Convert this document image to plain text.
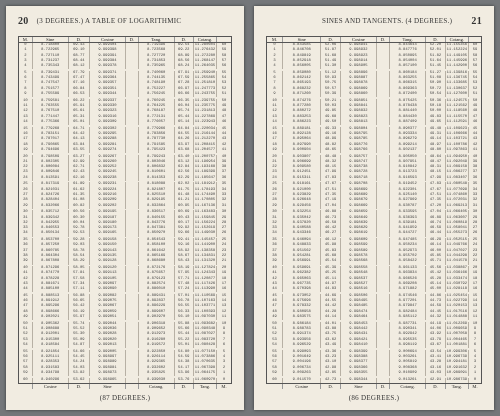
20 (3 DEGREES.) A TABLE OF LOGARITHMIC
M.	Sine	D.	Cosine	D.	Tang.	D.	Cotang.
0	8.718800	69.43	9.999404	8.719396	69.54	11.280604	60
1	8.722965	69.10	9.999398	8.723568	69.22	11.276432	59
2	8.727110	68.77	9.999391	8.727720	68.89	11.272280	58
3	8.731237	68.44	9.999384	8.731853	68.56	11.268147	57
4	8.735343	68.12	9.999378	8.735965	68.24	11.264035	56
5	8.739431	67.79	9.999371	8.740060	67.91	11.259940	55
6	8.743499	67.47	9.999364	8.744135	67.59	11.255865	54
7	8.747547	67.16	9.999357	8.748190	67.28	11.251810	53
8	8.751577	66.84	9.999351	8.752227	66.97	11.247773	52
9	8.755589	66.53	9.999344	8.756245	66.66	11.243755	51
10	8.759581	66.22	9.999337	8.760245	66.35	11.239755	50
11	8.763555	65.91	9.999330	8.764225	66.04	11.235775	49
12	8.767510	65.61	9.999323	8.768187	65.74	11.231813	48
13	8.771447	65.31	9.999316	8.772131	65.44	11.227869	47
14	8.775366	65.01	9.999309	8.776057	65.14	11.223943	46
15	8.779268	64.71	9.999302	8.779966	64.84	11.220034	45
16	8.783151	64.42	9.999295	8.783856	64.55	11.216144	44
17	8.787017	64.13	9.999288	8.787730	64.26	11.212270	43
18	8.790865	63.84	9.999281	8.791585	63.97	11.208415	42
19	8.794696	63.55	9.999274	8.795423	63.68	11.204577	41
20	8.798509	63.27	9.999267	8.799243	63.40	11.200757	40
21	8.802305	62.99	9.999260	8.803046	63.12	11.196954	39
22	8.806084	62.71	9.999252	8.806832	62.84	11.193168	38
23	8.809846	62.43	9.999245	8.810601	62.56	11.189399	37
24	8.813591	62.16	9.999238	8.814353	62.29	11.185647	36
25	8.817319	61.89	9.999231	8.818088	62.02	11.181912	35
26	8.821031	61.62	9.999224	8.821807	61.75	11.178193	34
27	8.824726	61.35	9.999216	8.825510	61.48	11.174490	33
28	8.828404	61.08	9.999209	8.829195	61.21	11.170805	32
29	8.832066	60.82	9.999202	8.832864	60.95	11.167136	31
30	8.835712	60.56	9.999195	8.836517	60.69	11.163483	30
31	8.839342	60.30	9.999187	8.840155	60.43	11.159845	29
32	8.842955	60.04	9.999180	8.843776	60.17	11.156224	28
33	8.846553	59.78	9.999173	8.847381	59.92	11.152619	27
34	8.850134	59.53	9.999165	8.850970	59.66	11.149030	26
35	8.853700	59.28	9.999158	8.854543	59.41	11.145457	25
36	8.857250	59.03	9.999150	8.858100	59.16	11.141900	24
37	8.860785	58.78	9.999143	8.861642	58.92	11.138358	23
38	8.864304	58.54	9.999135	8.865169	58.67	11.134831	22
39	8.867808	58.29	9.999128	8.868680	58.43	11.131320	21
40	8.871296	58.05	9.999120	8.872176	58.19	11.127824	20
41	8.874770	57.81	9.999113	8.875657	57.95	11.124343	19
42	8.878228	57.58	9.999105	8.879123	57.71	11.120877	18
43	8.881671	57.34	9.999097	8.882574	57.48	11.117426	17
44	8.885100	57.11	9.999090	8.886010	57.24	11.113990	16
45	8.888513	56.88	9.999082	8.889431	57.01	11.110569	15
46	8.891912	56.65	9.999075	8.892837	56.78	11.107163	14
47	8.895296	56.42	9.999067	8.896229	56.55	11.103771	13
48	8.898666	56.19	9.999059	8.899607	56.33	11.100393	12
49	8.902021	55.97	9.999051	8.902970	56.10	11.097030	11
50	8.905362	55.74	9.999044	8.906318	55.88	11.093682	10
51	8.908688	55.52	9.999036	8.909652	55.66	11.090348	9
52	8.912001	55.30	9.999028	8.912973	55.44	11.087027	8
53	8.915300	55.09	9.999020	8.916280	55.22	11.083720	7
54	8.918584	54.87	9.999013	8.919572	55.01	11.080428	6
55	8.921854	54.66	9.999005	8.922850	54.80	11.077150	5
56	8.925111	54.45	9.998997	8.926114	54.59	11.073886	4
57	8.928353	54.24	9.998989	8.929365	54.38	11.070635	3
58	8.931583	54.03	9.998981	8.932602	54.17	11.067398	2
59	8.934798	53.82	9.998973	8.935825	53.96	11.064175	1
60	8.940296	53.62	9.998965	8.939030	53.76	11.060970	0
Cosine	D.	Sine	Cotang.	D.	Tang.	M.
(87 DEGREES.)
SINES AND TANGENTS. (4 DEGREES.) 21
M.	Sine	D.	Cosine	D.	Tang.	D.	Cotang.
0	8.843585	52.06	9.998941	8.844644	52.20	11.155356	60
1	8.846708	51.87	9.998932	8.847776	52.01	11.152224	59
2	8.849819	51.68	9.998923	8.850895	51.82	11.149105	58
3	8.852918	51.49	9.998914	8.854004	51.64	11.145996	57
4	8.856005	51.30	9.998905	8.857100	51.45	11.142900	56
5	8.859080	51.12	9.998896	8.860184	51.27	11.139816	55
6	8.862142	50.93	9.998887	8.863255	51.08	11.136745	54
7	8.865193	50.75	9.998878	8.866315	50.90	11.133685	53
8	8.868232	50.57	9.998869	8.869363	50.72	11.130637	52
9	8.871260	50.39	9.998860	8.872400	50.54	11.127600	51
10	8.874276	50.21	9.998851	8.875425	50.36	11.124575	50
11	8.877280	50.03	9.998841	8.878438	50.18	11.121562	49
12	8.880272	49.85	9.998832	8.881440	50.00	11.118560	48
13	8.883253	49.68	9.998823	8.884430	49.83	11.115570	47
14	8.886223	49.50	9.998813	8.887409	49.65	11.112591	46
15	8.889181	49.33	9.998804	8.890377	49.48	11.109623	45
16	8.892128	49.16	9.998795	8.893334	49.31	11.106666	44
17	8.895064	48.99	9.998785	8.896279	49.14	11.103721	43
18	8.897990	48.82	9.998776	8.899214	48.97	11.100786	42
19	8.900904	48.65	9.998766	8.902137	48.80	11.097863	41
20	8.903807	48.48	9.998757	8.905050	48.64	11.094950	40
21	8.906699	48.32	9.998747	8.907951	48.47	11.092049	39
22	8.909580	48.15	9.998738	8.910842	48.31	11.089158	38
23	8.912451	47.99	9.998728	8.913723	48.15	11.086277	37
24	8.915311	47.83	9.998718	8.916593	47.99	11.083407	36
25	8.918161	47.67	9.998708	8.919452	47.83	11.080548	35
26	8.921000	47.51	9.998699	8.922301	47.67	11.077699	34
27	8.923829	47.35	9.998689	8.925140	47.51	11.074860	33
28	8.926648	47.19	9.998679	8.927969	47.35	11.072031	32
29	8.929456	47.04	9.998669	8.930787	47.20	11.069213	31
30	8.932254	46.88	9.998659	8.933595	47.04	11.066405	30
31	8.935042	46.73	9.998649	8.936393	46.89	11.063607	29
32	8.937820	46.58	9.998639	8.939181	46.74	11.060819	28
33	8.940588	46.42	9.998629	8.941959	46.59	11.058041	27
34	8.943346	46.27	9.998619	8.944727	46.44	11.055273	26
35	8.946094	46.12	9.998609	8.947485	46.29	11.052515	25
36	8.948833	45.98	9.998599	8.950234	46.14	11.049766	24
37	8.951562	45.83	9.998589	8.952973	46.00	11.047027	23
38	8.954281	45.68	9.998578	8.955702	45.85	11.044298	22
39	8.956991	45.54	9.998568	8.958422	45.71	11.041578	21
40	8.959691	45.39	9.998558	8.961133	45.56	11.038867	20
41	8.962382	45.25	9.998548	8.963834	45.42	11.036166	19
42	8.965063	45.11	9.998537	8.966526	45.28	11.033474	18
43	8.967735	44.97	9.998527	8.969208	45.14	11.030792	17
44	8.970398	44.83	9.998516	8.971882	45.00	11.028118	16
45	8.973052	44.69	9.998506	8.974546	44.86	11.025454	15
46	8.975696	44.55	9.998495	8.977201	44.73	11.022799	14
47	8.978332	44.42	9.998485	8.979847	44.59	11.020153	13
48	8.980958	44.28	9.998474	8.982484	44.45	11.017516	12
49	8.983575	44.14	9.998464	8.985112	44.32	11.014888	11
50	8.986184	44.01	9.998453	8.987731	44.19	11.012269	10
51	8.988783	43.88	9.998442	8.990341	44.06	11.009659	9
52	8.991374	43.75	9.998431	8.992942	43.92	11.007058	8
53	8.993956	43.62	9.998421	8.995535	43.79	11.004465	7
54	8.996529	43.49	9.998410	8.998119	43.67	11.001881	6
55	8.999093	43.36	9.998399	9.000694	43.54	10.999306	5
56	9.001649	43.23	9.998388	9.003261	43.41	10.996739	4
57	9.004196	43.10	9.998377	9.005819	43.28	10.994181	3
58	9.006734	42.98	9.998366	9.008368	43.16	10.991632	2
59	9.009263	42.85	9.998355	9.010909	43.03	10.989091	1
60	9.011570	42.73	9.998344	9.013261	42.91	10.986739	0
Cosine	D.	Sine	D.	Cotang.	D.	Tang.	M.
(86 DEGREES.)
